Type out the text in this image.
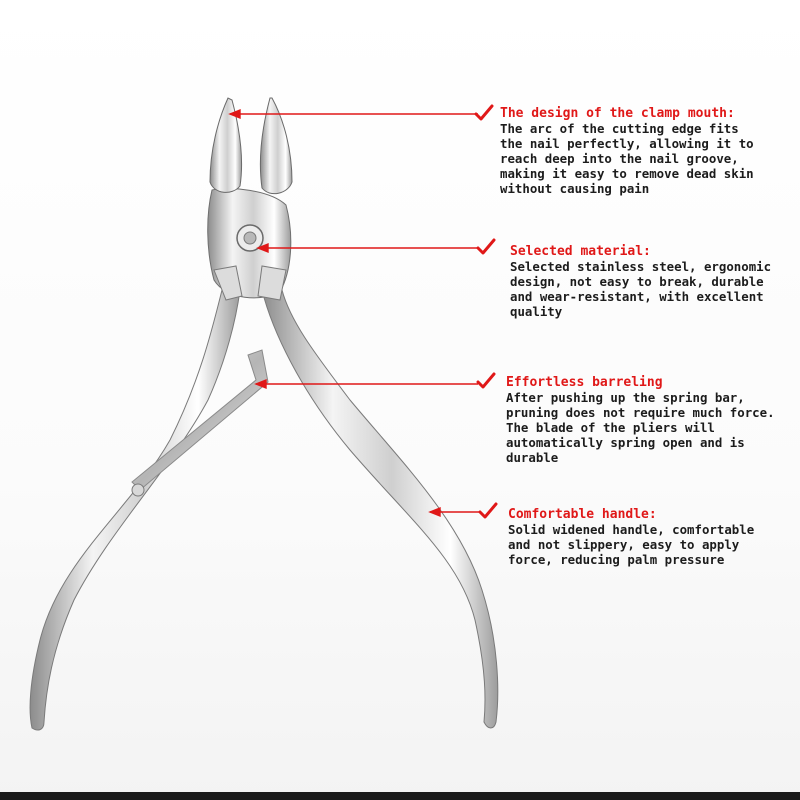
The design of the clamp mouth:
The arc of the cutting edge fits
the nail perfectly, allowing it to
reach deep into the nail groove,
making it easy to remove dead skin
without causing pain
Selected material:
Selected stainless steel, ergonomic
design, not easy to break, durable
and wear-resistant, with excellent
quality
Effortless barreling
After pushing up the spring bar,
pruning does not require much force.
The blade of the pliers will
automatically spring open and is
durable
Comfortable handle:
Solid widened handle, comfortable
and not slippery, easy to apply
force, reducing palm pressure
